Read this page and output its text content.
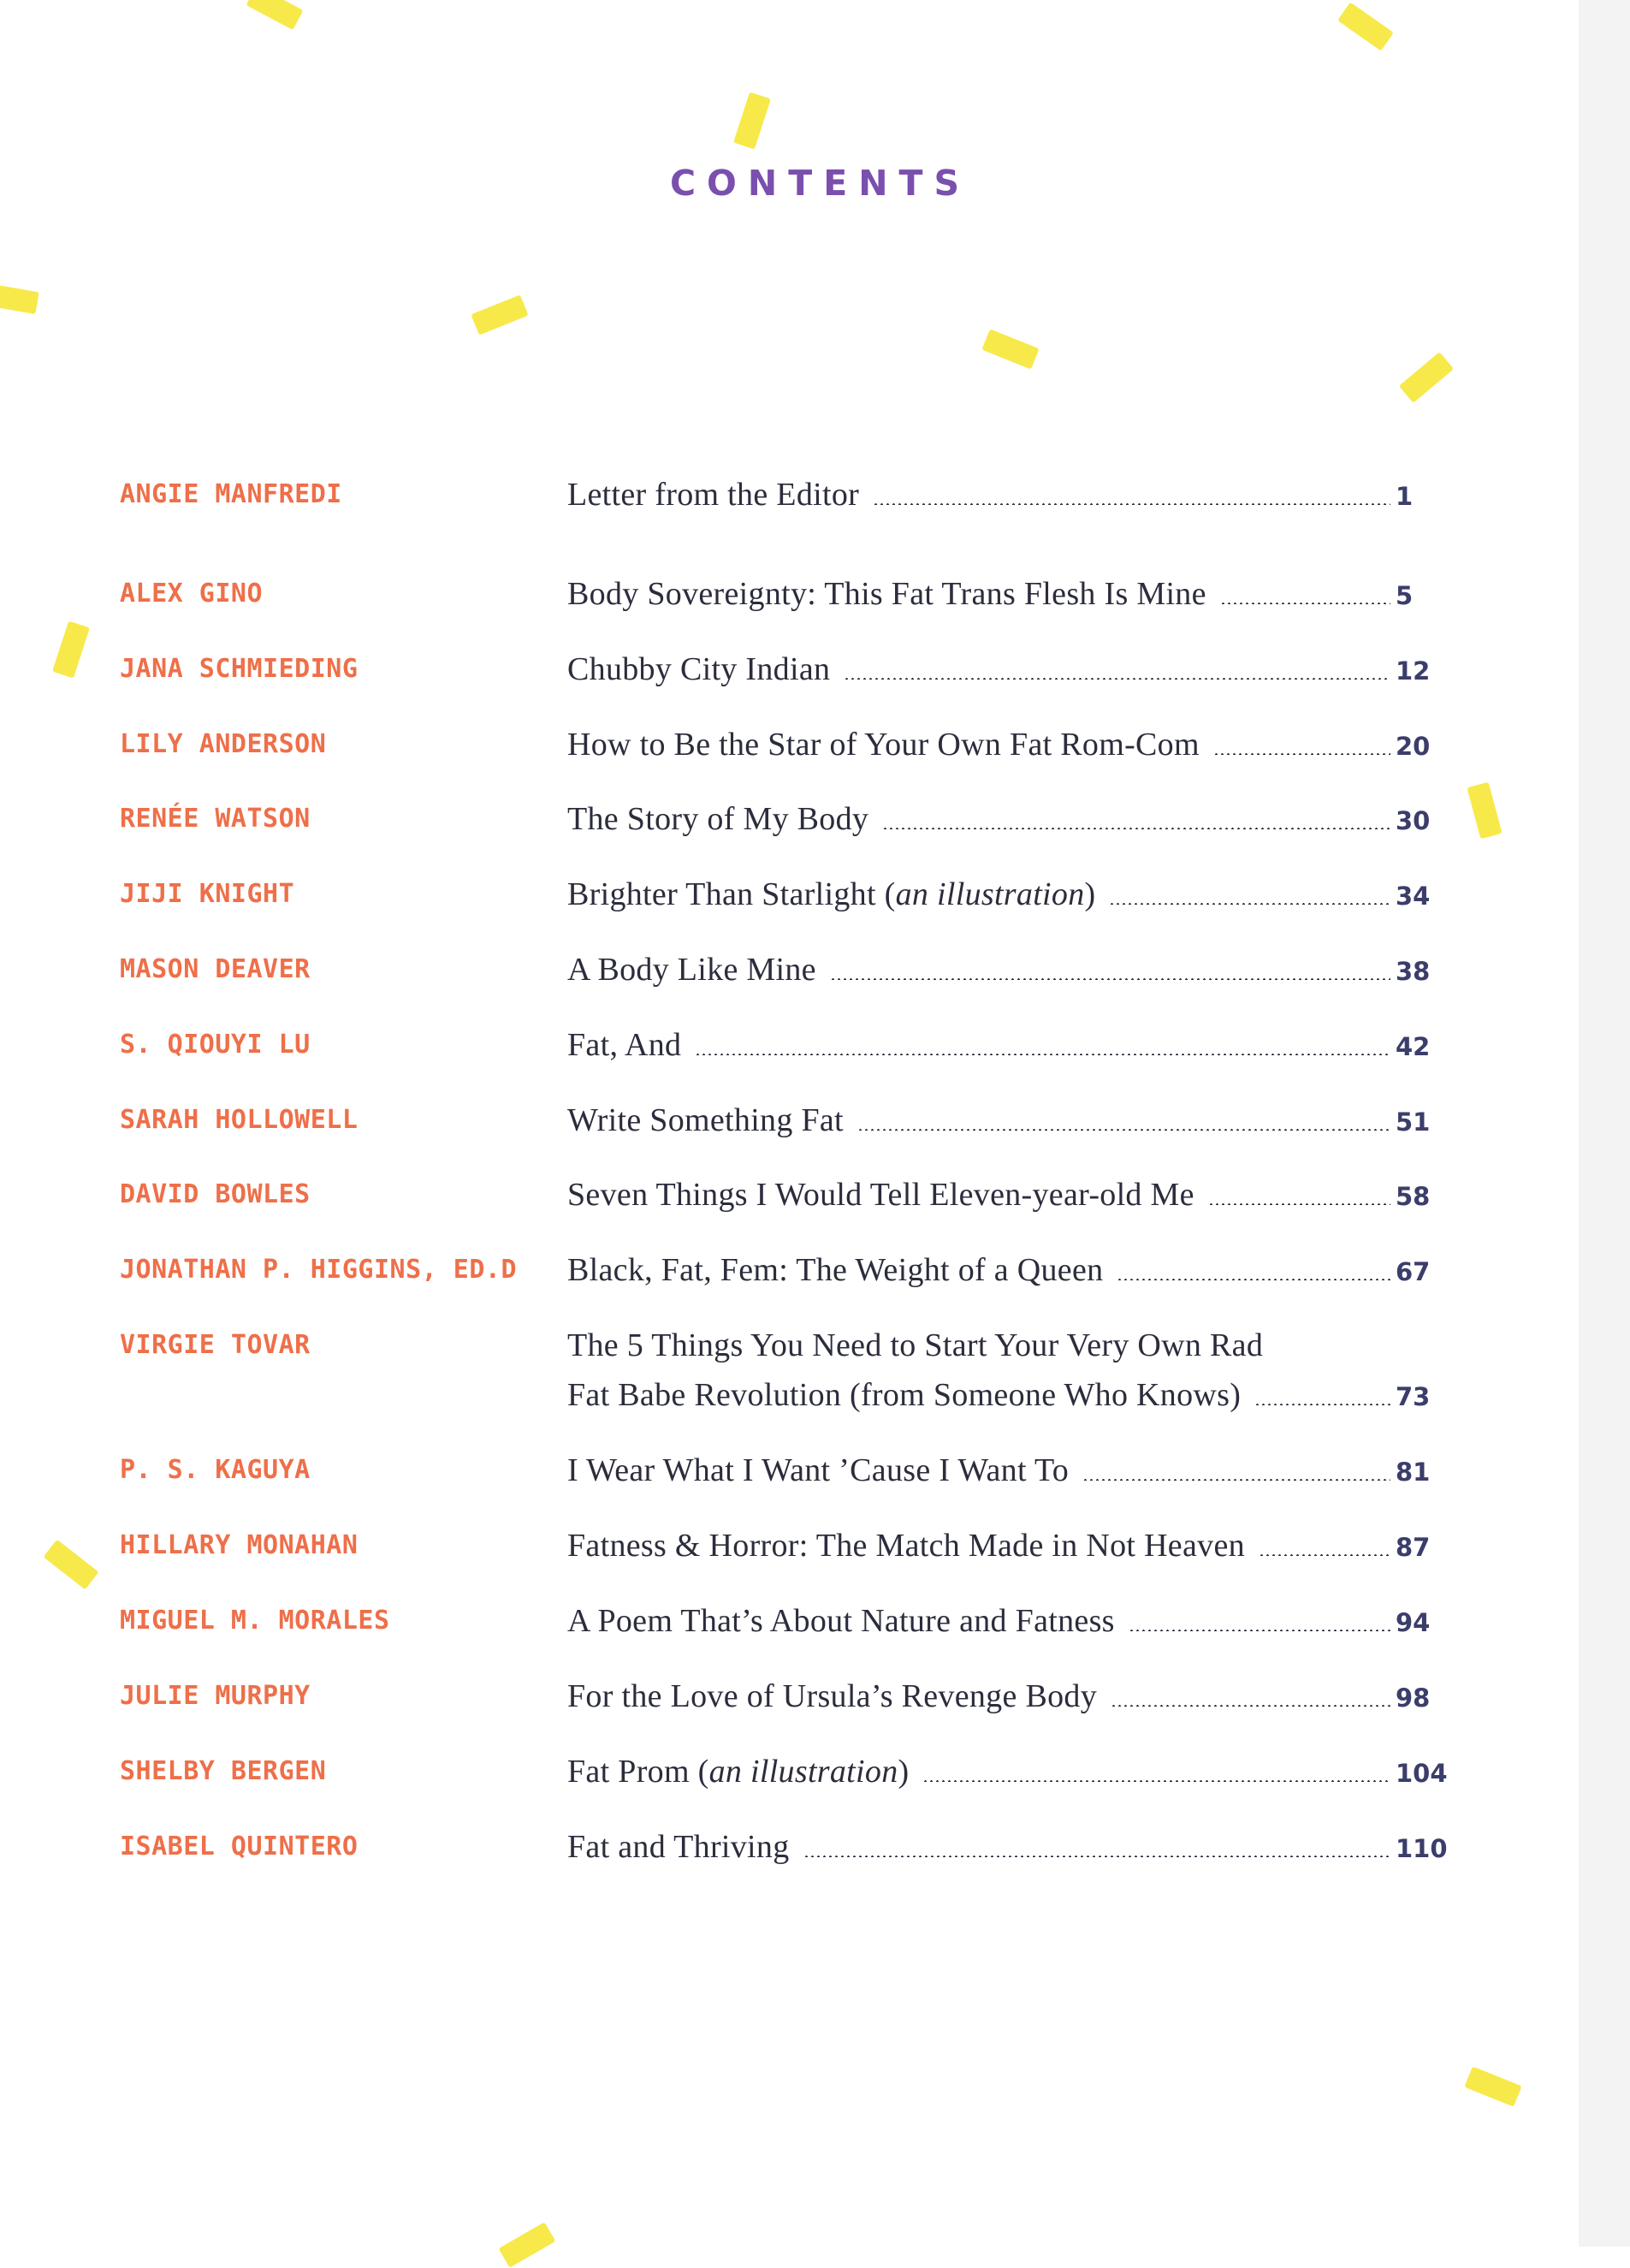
CONTENTS
ANGIE MANFREDI	Letter from the Editor	1
ALEX GINO	Body Sovereignty: This Fat Trans Flesh Is Mine	5
JANA SCHMIEDING	Chubby City Indian	12
LILY ANDERSON	How to Be the Star of Your Own Fat Rom-Com	20
RENÉE WATSON	The Story of My Body	30
JIJI KNIGHT	Brighter Than Starlight (an illustration)	34
MASON DEAVER	A Body Like Mine	38
S. QIOUYI LU	Fat, And	42
SARAH HOLLOWELL	Write Something Fat	51
DAVID BOWLES	Seven Things I Would Tell Eleven-year-old Me	58
JONATHAN P. HIGGINS, ED.D	Black, Fat, Fem: The Weight of a Queen	67
VIRGIE TOVAR	The 5 Things You Need to Start Your Very Own Rad
Fat Babe Revolution (from Someone Who Knows)	73
P. S. KAGUYA	I Wear What I Want ’Cause I Want To	81
HILLARY MONAHAN	Fatness & Horror: The Match Made in Not Heaven	87
MIGUEL M. MORALES	A Poem That’s About Nature and Fatness	94
JULIE MURPHY	For the Love of Ursula’s Revenge Body	98
SHELBY BERGEN	Fat Prom (an illustration)	104
ISABEL QUINTERO	Fat and Thriving	110
